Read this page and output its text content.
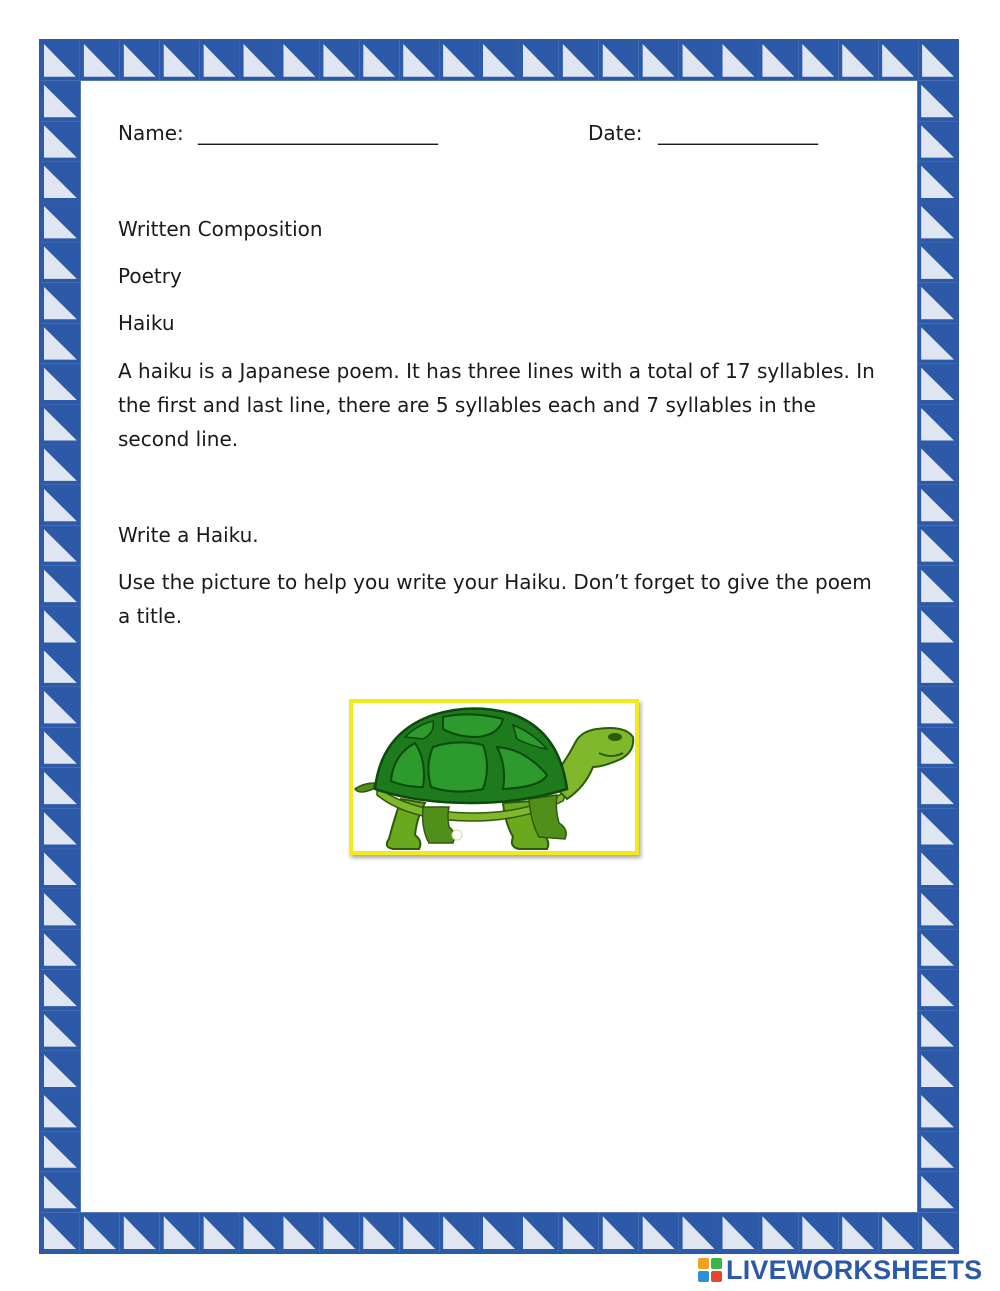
Name: ________________________	Date: ________________
Written Composition
Poetry
Haiku
A haiku is a Japanese poem. It has three lines with a total of 17 syllables. In the first and last line, there are 5 syllables each and 7 syllables in the second line.
Write a Haiku.
Use the picture to help you write your Haiku. Don’t forget to give the poem a title.
LIVEWORKSHEETS
